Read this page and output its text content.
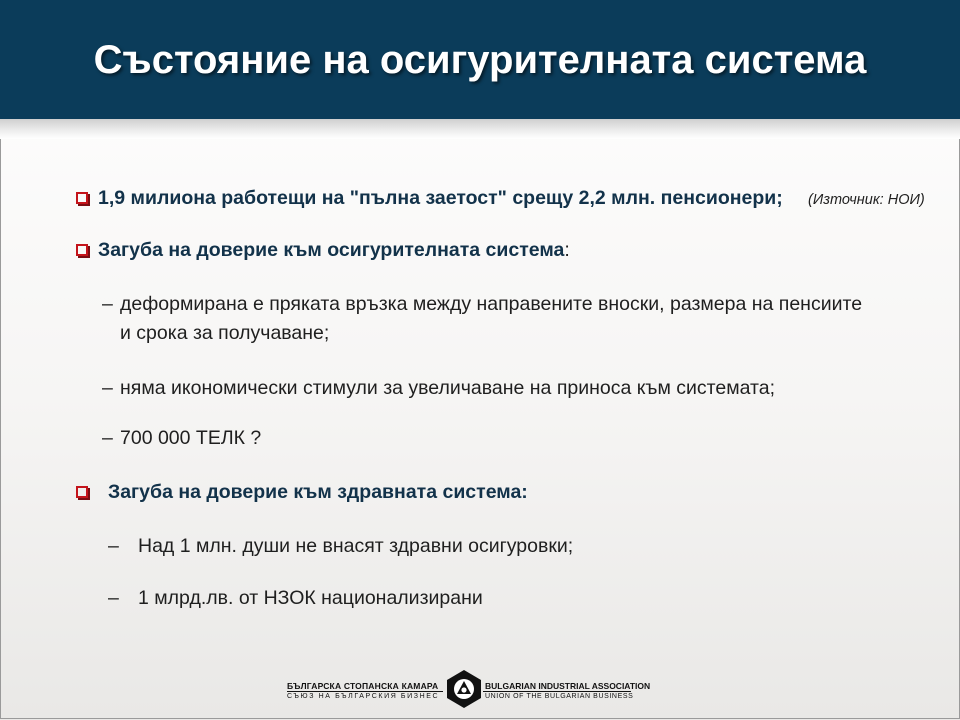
Състояние на осигурителната система
1,9 милиона работещи на "пълна заетост" срещу 2,2 млн. пенсионери; (Източник: НОИ)
Загуба на доверие към осигурителната система:
– деформирана е пряката връзка между направените вноски, размера на пенсиите
и срока за получаване;
– няма икономически стимули за увеличаване на приноса към системата;
– 700 000 ТЕЛК ?
Загуба на доверие към здравната система:
– Над 1 млн. души не внасят здравни осигуровки;
– 1 млрд.лв. от НЗОК национализирани
БЪЛГАРСКА СТОПАНСКА КАМАРА
СЪЮЗ НА БЪЛГАРСКИЯ БИЗНЕС
BULGARIAN INDUSTRIAL ASSOCIATION
UNION OF THE BULGARIAN BUSINESS
